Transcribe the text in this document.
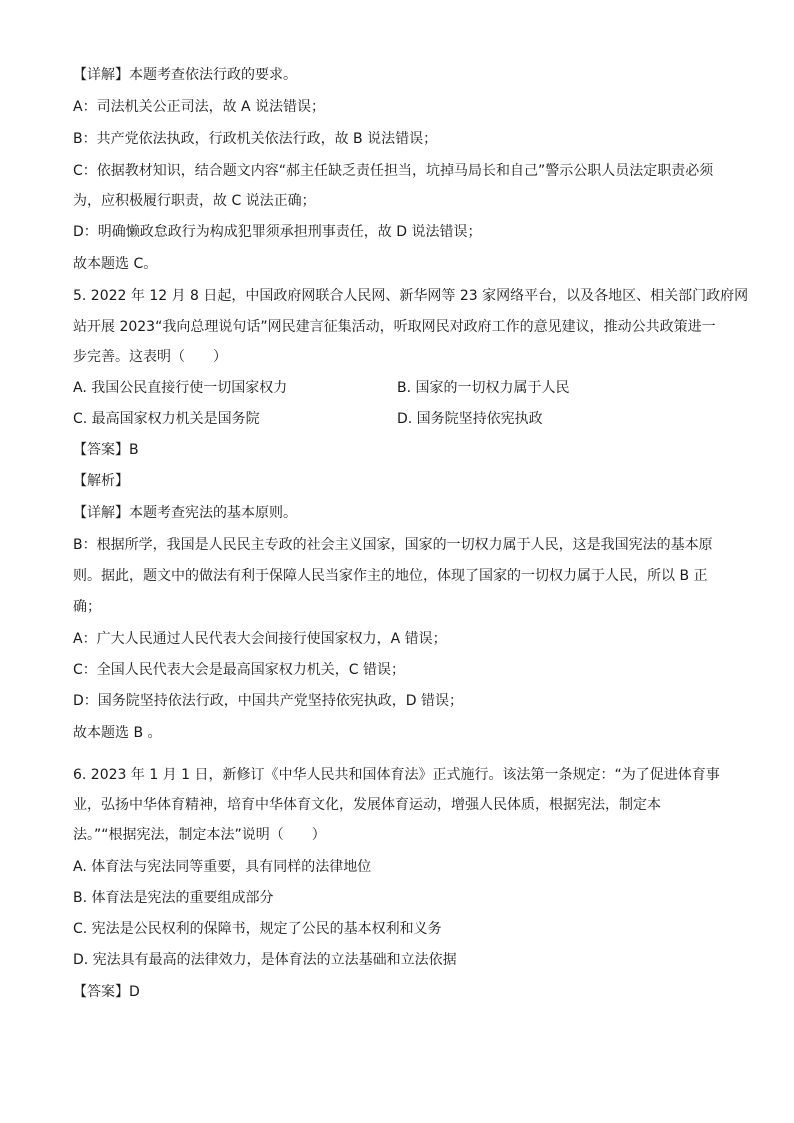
【详解】本题考查依法行政的要求。
A：司法机关公正司法，故 A 说法错误；
B：共产党依法执政，行政机关依法行政，故 B 说法错误；
C：依据教材知识，结合题文内容“郝主任缺乏责任担当，坑掉马局长和自己”警示公职人员法定职责必须
为，应积极履行职责，故 C 说法正确；
D：明确懒政怠政行为构成犯罪须承担刑事责任，故 D 说法错误；
故本题选 C。
5. 2022 年 12 月 8 日起，中国政府网联合人民网、新华网等 23 家网络平台，以及各地区、相关部门政府网
站开展 2023“我向总理说句话”网民建言征集活动，听取网民对政府工作的意见建议，推动公共政策进一
步完善。这表明（　　）
A. 我国公民直接行使一切国家权力	B. 国家的一切权力属于人民
C. 最高国家权力机关是国务院	D. 国务院坚持依宪执政
【答案】B
【解析】
【详解】本题考查宪法的基本原则。
B：根据所学，我国是人民民主专政的社会主义国家，国家的一切权力属于人民，这是我国宪法的基本原
则。据此，题文中的做法有利于保障人民当家作主的地位，体现了国家的一切权力属于人民，所以 B 正
确；
A：广大人民通过人民代表大会间接行使国家权力，A 错误；
C：全国人民代表大会是最高国家权力机关，C 错误；
D：国务院坚持依法行政，中国共产党坚持依宪执政，D 错误；
故本题选 B 。
6. 2023 年 1 月 1 日，新修订《中华人民共和国体育法》正式施行。该法第一条规定：“为了促进体育事
业，弘扬中华体育精神，培育中华体育文化，发展体育运动，增强人民体质，根据宪法，制定本
法。”“根据宪法，制定本法”说明（　　）
A. 体育法与宪法同等重要，具有同样的法律地位
B. 体育法是宪法的重要组成部分
C. 宪法是公民权利的保障书，规定了公民的基本权利和义务
D. 宪法具有最高的法律效力，是体育法的立法基础和立法依据
【答案】D
